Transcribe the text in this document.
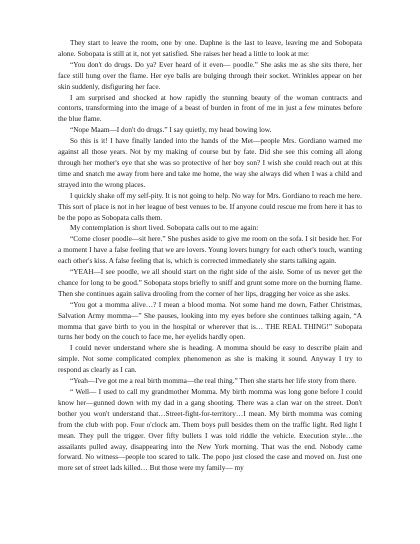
They start to leave the room, one by one. Daphne is the last to leave, leaving me and Sobopata alone. Sobopata is still at it, not yet satisfied. She raises her head a little to look at me:

“You don't do drugs. Do ya? Ever heard of it even— poodle.” She asks me as she sits there, her face still hung over the flame. Her eye balls are bulging through their socket. Wrinkles appear on her skin suddenly, disfiguring her face.

I am surprised and shocked at how rapidly the stunning beauty of the woman contracts and contorts, transforming into the image of a beast of burden in front of me in just a few minutes before the blue flame.

“Nope Maam—I don't do drugs.” I say quietly, my head bowing low.

So this is it! I have finally landed into the hands of the Met—people Mrs. Gordiano warned me against all those years. Not by my making of course but by fate. Did she see this coming all along through her mother's eye that she was so protective of her boy son? I wish she could reach out at this time and snatch me away from here and take me home, the way she always did when I was a child and strayed into the wrong places.

I quickly shake off my self-pity. It is not going to help. No way for Mrs. Gordiano to reach me here. This sort of place is not in her league of best venues to be. If anyone could rescue me from here it has to be the popo as Sobopata calls them.

My contemplation is short lived. Sobopata calls out to me again:

“Come closer poodle—sit here.” She pushes aside to give me room on the sofa. I sit beside her. For a moment I have a false feeling that we are lovers. Young lovers hungry for each other's touch, wanting each other's kiss. A false feeling that is, which is corrected immediately she starts talking again.

“YEAH—I see poodle, we all should start on the right side of the aisle. Some of us never get the chance for long to be good.” Sobopata stops briefly to sniff and grunt some more on the burning flame. Then she continues again saliva drooling from the corner of her lips, dragging her voice as she asks.

“You got a momma alive…? I mean a blood moma. Not some hand me down, Father Christmas, Salvation Army momma—” She pauses, looking into my eyes before she continues talking again, “A momma that gave birth to you in the hospital or wherever that is… THE REAL THING!” Sobopata turns her body on the couch to face me, her eyelids hardly open.

I could never understand where she is heading. A momma should be easy to describe plain and simple. Not some complicated complex phenomenon as she is making it sound. Anyway I try to respond as clearly as I can.

“Yeah—I've got me a real birth momma—the real thing.” Then she starts her life story from there.

“ Well— I used to call my grandmother Momma. My birth momma was long gone before I could know her—gunned down with my dad in a gang shooting. There was a clan war on the street. Don't bother you won't understand that…Street-fight-for-territory…I mean. My birth momma was coming from the club with pop. Four o'clock am. Them boys pull besides them on the traffic light. Red light I mean. They pull the trigger. Over fifty bullets I was told riddle the vehicle. Execution style…the assailants pulled away, disappearing into the New York morning. That was the end. Nobody came forward. No witness—people too scared to talk. The popo just closed the case and moved on. Just one more set of street lads killed… But those were my family— my
